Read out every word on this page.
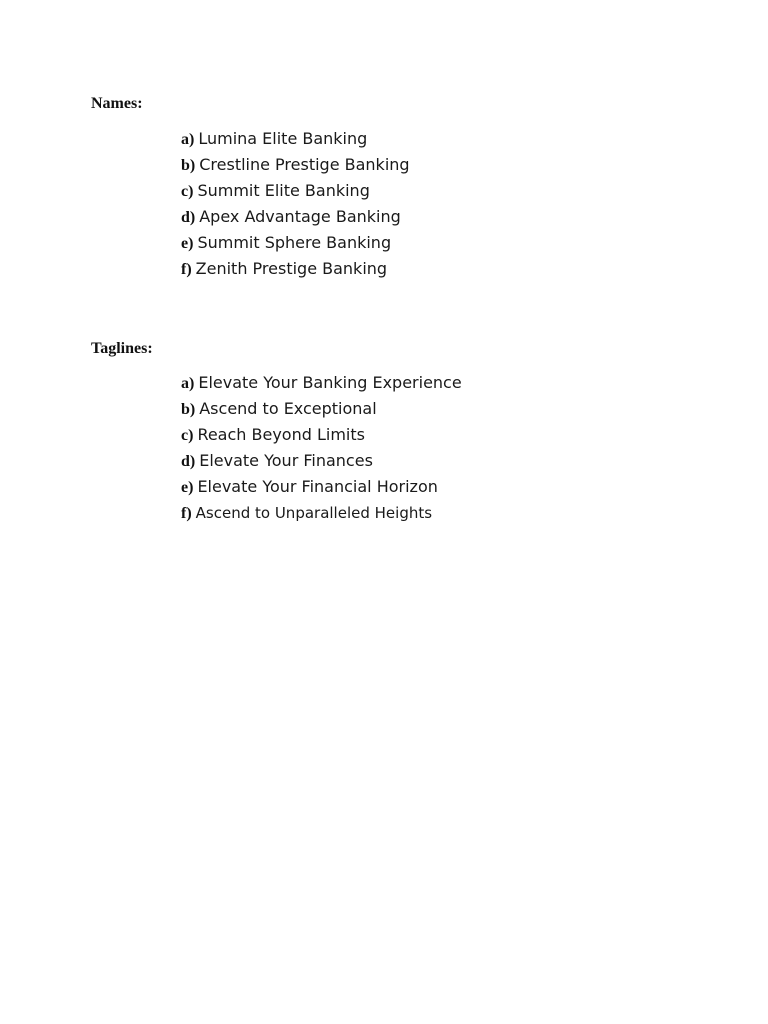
Names:

a) Lumina Elite Banking
b) Crestline Prestige Banking
c) Summit Elite Banking
d) Apex Advantage Banking
e) Summit Sphere Banking
f) Zenith Prestige Banking

Taglines:

a) Elevate Your Banking Experience
b) Ascend to Exceptional
c) Reach Beyond Limits
d) Elevate Your Finances
e) Elevate Your Financial Horizon
f) Ascend to Unparalleled Heights
